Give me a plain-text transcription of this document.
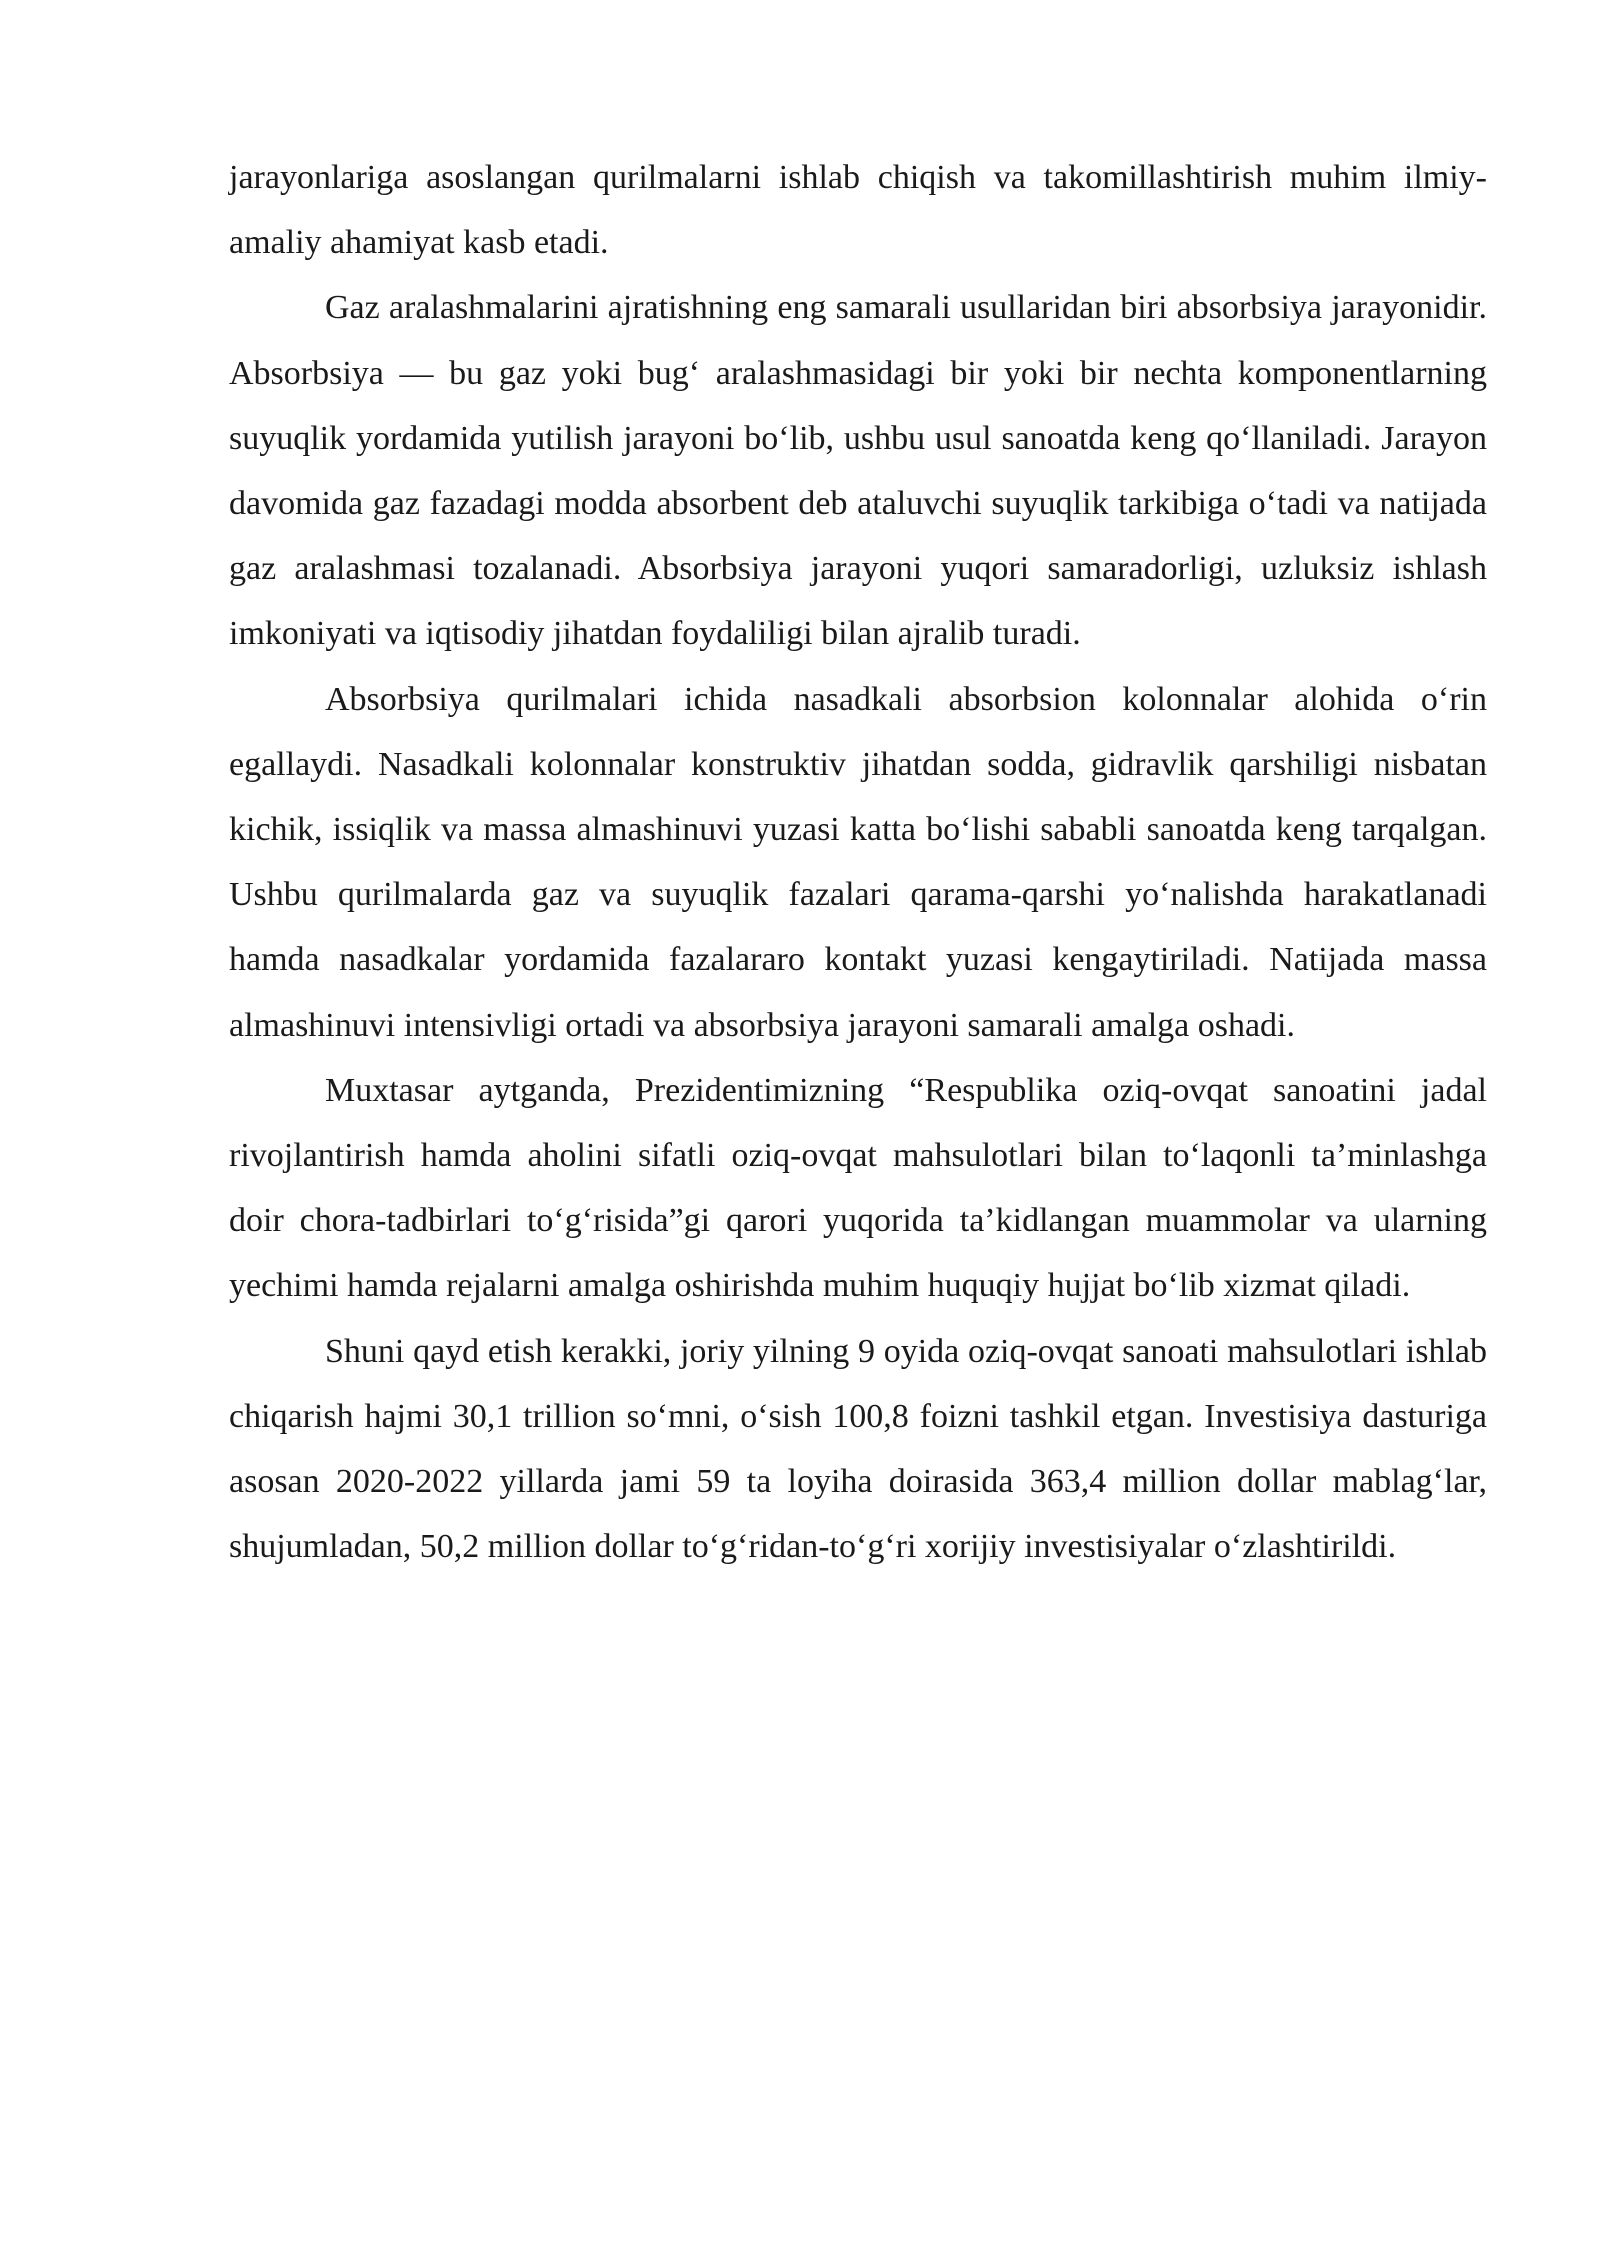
jarayonlariga asoslangan qurilmalarni ishlab chiqish va takomillashtirish muhim ilmiy-amaliy ahamiyat kasb etadi.

Gaz aralashmalarini ajratishning eng samarali usullaridan biri absorbsiya jarayonidir. Absorbsiya — bu gaz yoki bug‘ aralashmasidagi bir yoki bir nechta komponentlarning suyuqlik yordamida yutilish jarayoni bo‘lib, ushbu usul sanoatda keng qo‘llaniladi. Jarayon davomida gaz fazadagi modda absorbent deb ataluvchi suyuqlik tarkibiga o‘tadi va natijada gaz aralashmasi tozalanadi. Absorbsiya jarayoni yuqori samaradorligi, uzluksiz ishlash imkoniyati va iqtisodiy jihatdan foydaliligi bilan ajralib turadi.

Absorbsiya qurilmalari ichida nasadkali absorbsion kolonnalar alohida o‘rin egallaydi. Nasadkali kolonnalar konstruktiv jihatdan sodda, gidravlik qarshiligi nisbatan kichik, issiqlik va massa almashinuvi yuzasi katta bo‘lishi sababli sanoatda keng tarqalgan. Ushbu qurilmalarda gaz va suyuqlik fazalari qarama-qarshi yo‘nalishda harakatlanadi hamda nasadkalar yordamida fazalararo kontakt yuzasi kengaytiriladi. Natijada massa almashinuvi intensivligi ortadi va absorbsiya jarayoni samarali amalga oshadi.

Muxtasar aytganda, Prezidentimizning “Respublika oziq-ovqat sanoatini jadal rivojlantirish hamda aholini sifatli oziq-ovqat mahsulotlari bilan to‘laqonli ta’minlashga doir chora-tadbirlari to‘g‘risida”gi qarori yuqorida ta’kidlangan muammolar va ularning yechimi hamda rejalarni amalga oshirishda muhim huquqiy hujjat bo‘lib xizmat qiladi.

Shuni qayd etish kerakki, joriy yilning 9 oyida oziq-ovqat sanoati mahsulotlari ishlab chiqarish hajmi 30,1 trillion so‘mni, o‘sish 100,8 foizni tashkil etgan. Investisiya dasturiga asosan 2020-2022 yillarda jami 59 ta loyiha doirasida 363,4 million dollar mablag‘lar, shujumladan, 50,2 million dollar to‘g‘ridan-to‘g‘ri xorijiy investisiyalar o‘zlashtirildi.
